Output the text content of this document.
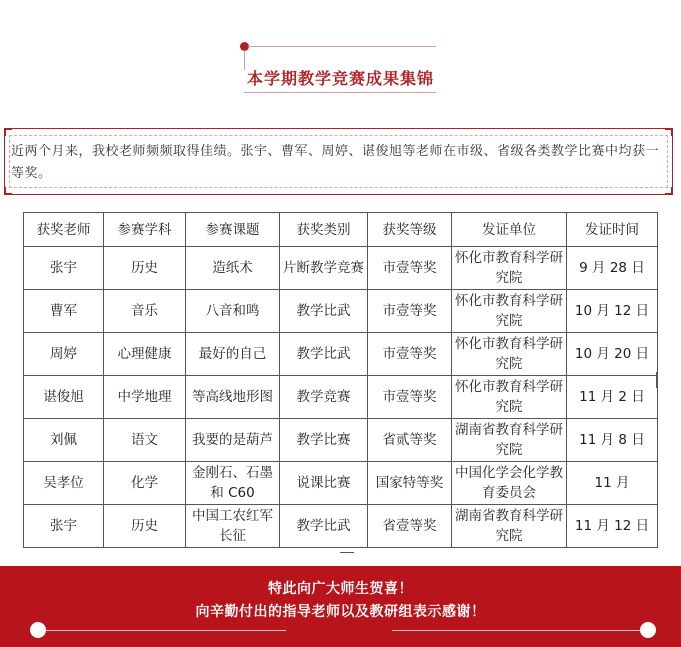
本学期教学竞赛成果集锦
近两个月来，我校老师频频取得佳绩。张宇、曹军、周婷、谌俊旭等老师在市级、省级各类教学比赛中均获一等奖。
获奖老师	参赛学科	参赛课题	获奖类别	获奖等级	发证单位	发证时间
张宇	历史	造纸术	片断教学竞赛	市壹等奖	怀化市教育科学研究院	9 月 28 日
曹军	音乐	八音和鸣	教学比武	市壹等奖	怀化市教育科学研究院	10 月 12 日
周婷	心理健康	最好的自己	教学比武	市壹等奖	怀化市教育科学研究院	10 月 20 日
谌俊旭	中学地理	等高线地形图	教学竞赛	市壹等奖	怀化市教育科学研究院	11 月 2 日
刘佩	语文	我要的是葫芦	教学比赛	省贰等奖	湖南省教育科学研究院	11 月 8 日
吴孝位	化学	金刚石、石墨和 C60	说课比赛	国家特等奖	中国化学会化学教育委员会	11 月
张宇	历史	中国工农红军长征	教学比武	省壹等奖	湖南省教育科学研究院	11 月 12 日
特此向广大师生贺喜！
向辛勤付出的指导老师以及教研组表示感谢！
